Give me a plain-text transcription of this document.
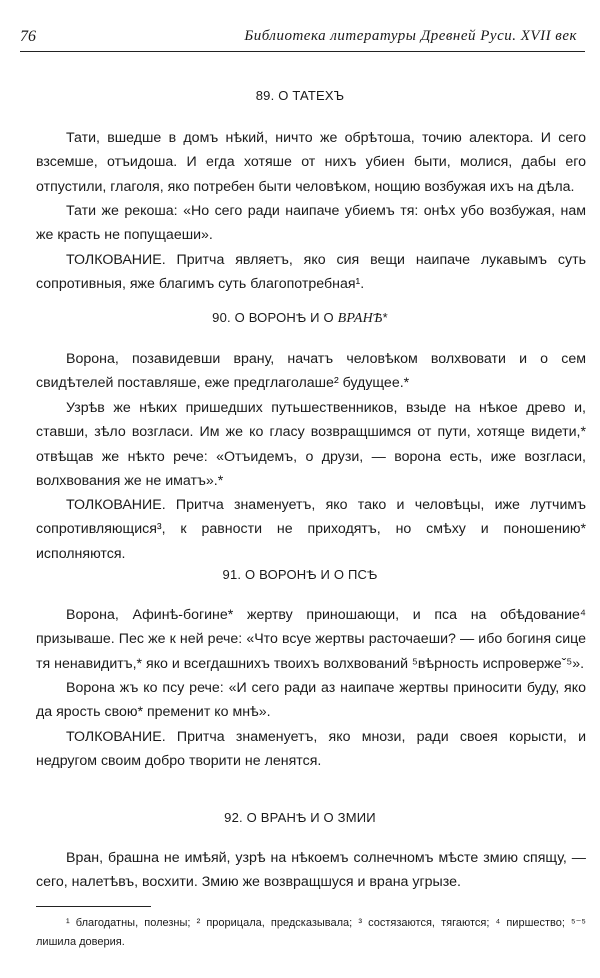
76	Библиотека литературы Древней Руси. XVII век
89. О ТАТЕХЪ

Тати, вшедше в домъ нѣкий, ничто же обрѣтоша, точию алектора. И сего взсемше, отъидоша. И егда хотяше от нихъ убиен быти, молися, дабы его отпустили, глаголя, яко потребен быти человѣком, нощию возбужая ихъ на дѣла.

Тати же рекоша: «Но сего ради наипаче убиемъ тя: онѣх убо возбужая, нам же красть не попущаеши».

ТОЛКОВАНИЕ. Притча являетъ, яко сия вещи наипаче лукавымъ суть сопротивныя, яже благимъ суть благопотребная¹.

90. О ВОРОНѢ И О ВРАНѢ*

Ворона, позавидевши врану, начатъ человѣком волхвовати и о сем свидѣтелей поставляше, еже предглаголаше² будущее.*

Узрѣв же нѣких пришедших путьшественников, взыде на нѣкое древо и, ставши, зѣло возгласи. Им же ко гласу возвращшимся от пути, хотяще видети,* отвѣщав же нѣкто рече: «Отъидемъ, о друзи, — ворона есть, иже возгласи, волхвования же не иматъ».*

ТОЛКОВАНИЕ. Притча знаменуетъ, яко тако и человѣцы, иже лутчимъ сопротивляющися³, к равности не приходятъ, но смѣху и поношению* исполняются.

91. О ВОРОНѢ И О ПСѢ

Ворона, Афинѣ-богине* жертву приношающи, и пса на обѣдование⁴ призываше. Пес же к ней рече: «Что всуе жертвы расточаеши? — ибо богиня сице тя ненавидитъ,* яко и всегдашнихъ твоихъ волхвований ⁵вѣрность испровержеˇ⁵».

Ворона жъ ко псу рече: «И сего ради аз наипаче жертвы приносити буду, яко да ярость свою* пременит ко мнѣ».

ТОЛКОВАНИЕ. Притча знаменуетъ, яко мнози, ради своея корысти, и недругом своим добро творити не ленятся.

92. О ВРАНѢ И О ЗМИИ

Вран, брашна не имѣяй, узрѣ на нѣкоемъ солнечномъ мѣсте змию спящу, — сего, налетѣвъ, восхити. Змию же возвращшуся и врана угрызе.

¹ благодатны, полезны; ² прорицала, предсказывала; ³ состязаются, тягаются; ⁴ пиршество; ⁵⁻⁵ лишила доверия.
